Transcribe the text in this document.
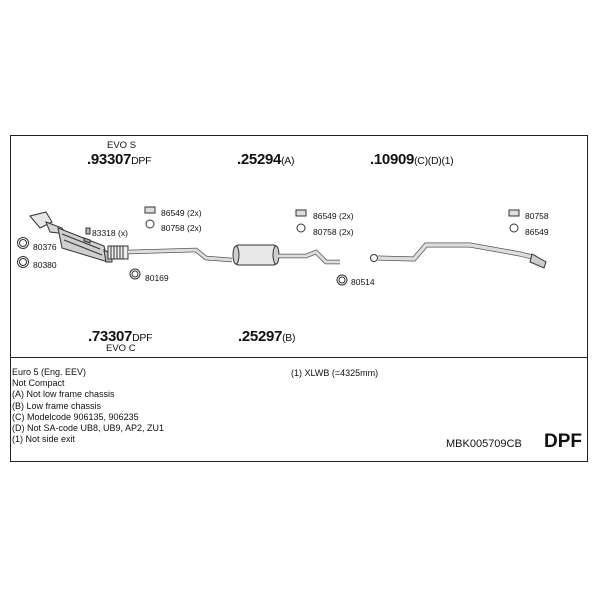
EVO S
.93307DPF	.25294(A)	.10909(C)(D)(1)
.73307DPF
EVO C
.25297(B)
80376
80380
83318 (x)
86549 (2x)
80758 (2x)
80169
86549 (2x)
80758 (2x)
80514
80758
86549
Euro 5 (Eng. EEV)
Not Compact
(A) Not low frame chassis
(B) Low frame chassis
(C) Modelcode 906135, 906235
(D) Not SA-code UB8, UB9, AP2, ZU1
(1) Not side exit
(1) XLWB (=4325mm)
MBK005709CB DPF
